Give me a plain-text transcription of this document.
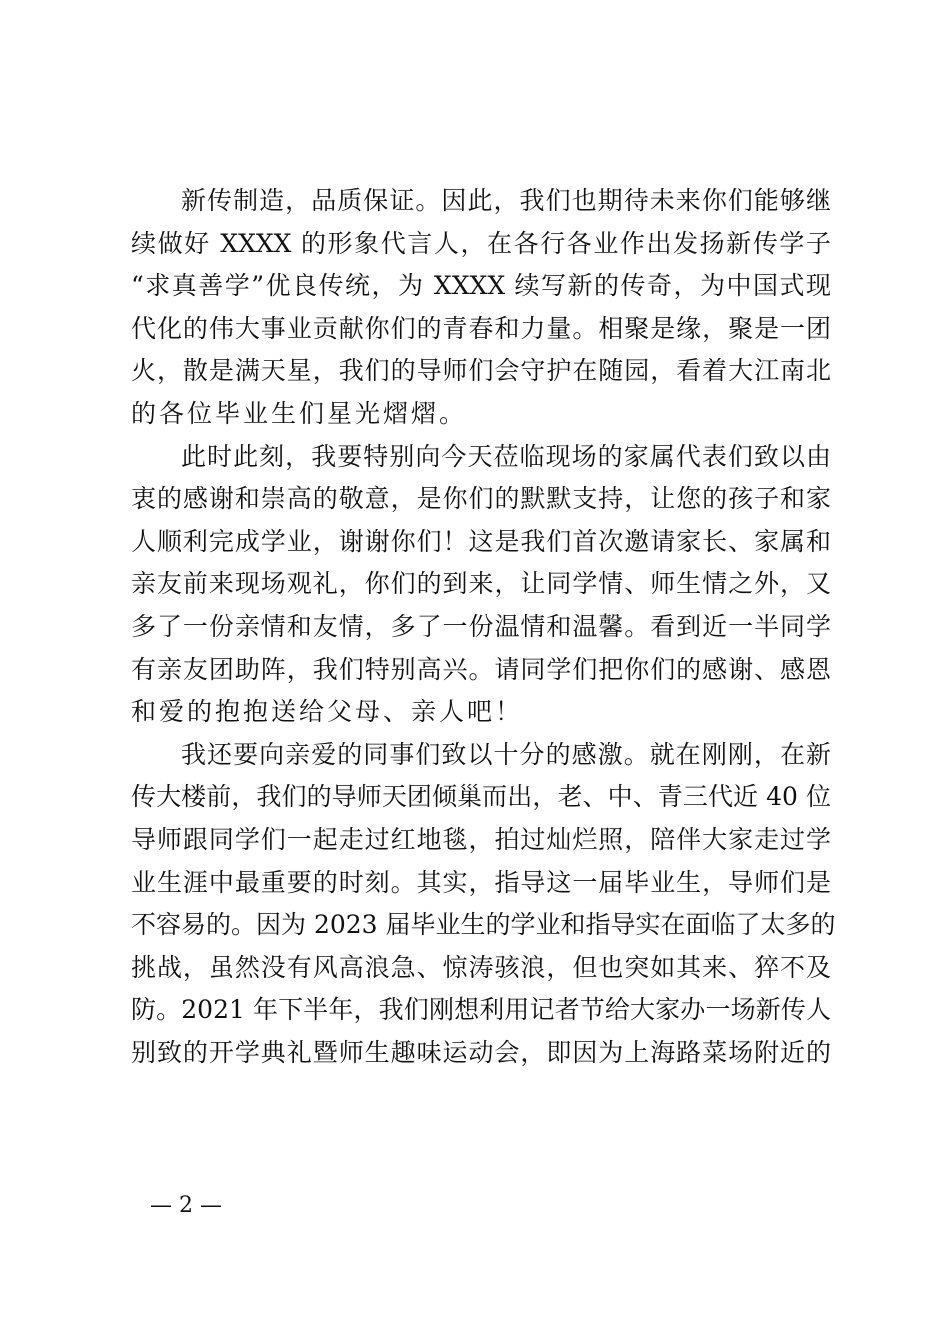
新传制造，品质保证。因此，我们也期待未来你们能够继
续做好 XXXX 的形象代言人，在各行各业作出发扬新传学子
“求真善学”优良传统，为 XXXX 续写新的传奇，为中国式现
代化的伟大事业贡献你们的青春和力量。相聚是缘，聚是一团
火，散是满天星，我们的导师们会守护在随园，看着大江南北
的各位毕业生们星光熠熠。
此时此刻，我要特别向今天莅临现场的家属代表们致以由
衷的感谢和崇高的敬意，是你们的默默支持，让您的孩子和家
人顺利完成学业，谢谢你们！这是我们首次邀请家长、家属和
亲友前来现场观礼，你们的到来，让同学情、师生情之外，又
多了一份亲情和友情，多了一份温情和温馨。看到近一半同学
有亲友团助阵，我们特别高兴。请同学们把你们的感谢、感恩
和爱的抱抱送给父母、亲人吧！
我还要向亲爱的同事们致以十分的感激。就在刚刚，在新
传大楼前，我们的导师天团倾巢而出，老、中、青三代近 40 位
导师跟同学们一起走过红地毯，拍过灿烂照，陪伴大家走过学
业生涯中最重要的时刻。其实，指导这一届毕业生，导师们是
不容易的。因为 2023 届毕业生的学业和指导实在面临了太多的
挑战，虽然没有风高浪急、惊涛骇浪，但也突如其来、猝不及
防。2021 年下半年，我们刚想利用记者节给大家办一场新传人
别致的开学典礼暨师生趣味运动会，即因为上海路菜场附近的
— 2 —
